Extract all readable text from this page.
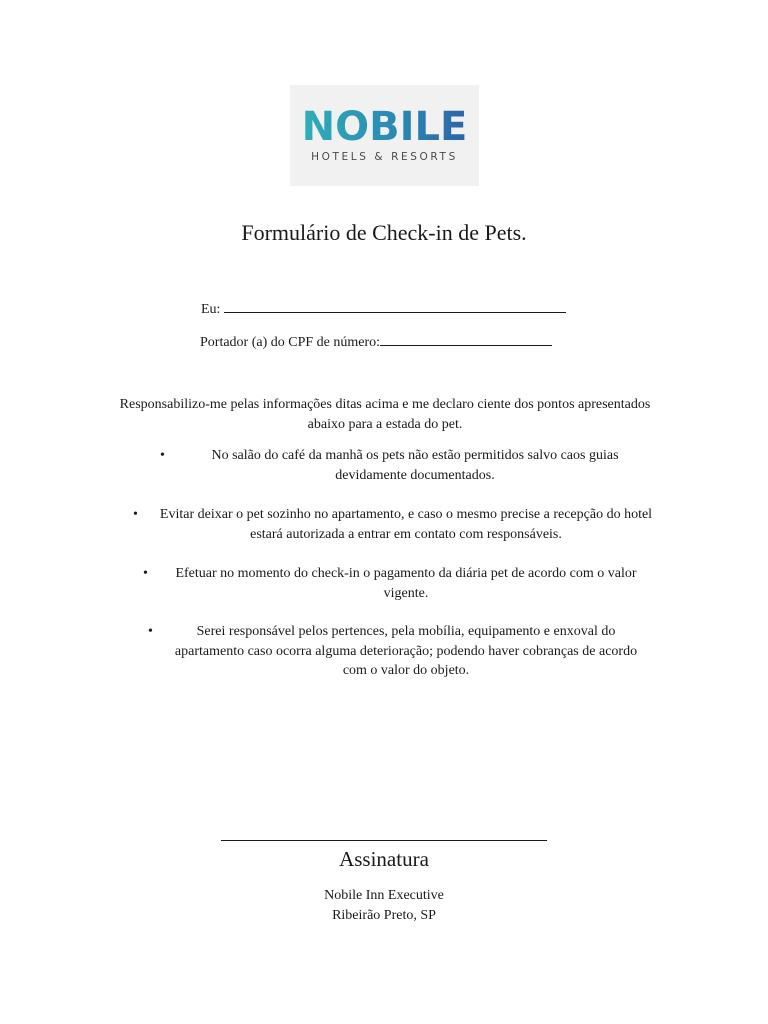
NOBILE
HOTELS & RESORTS
Formulário de Check-in de Pets.
Eu:
Portador (a) do CPF de número:
Responsabilizo-me pelas informações ditas acima e me declaro ciente dos pontos apresentados abaixo para a estada do pet.
•	No salão do café da manhã os pets não estão permitidos salvo caos guias devidamente documentados.
•	Evitar deixar o pet sozinho no apartamento, e caso o mesmo precise a recepção do hotel estará autorizada a entrar em contato com responsáveis.
•	Efetuar no momento do check-in o pagamento da diária pet de acordo com o valor vigente.
•	Serei responsável pelos pertences, pela mobília, equipamento e enxoval do apartamento caso ocorra alguma deterioração; podendo haver cobranças de acordo com o valor do objeto.
Assinatura
Nobile Inn Executive
Ribeirão Preto, SP
